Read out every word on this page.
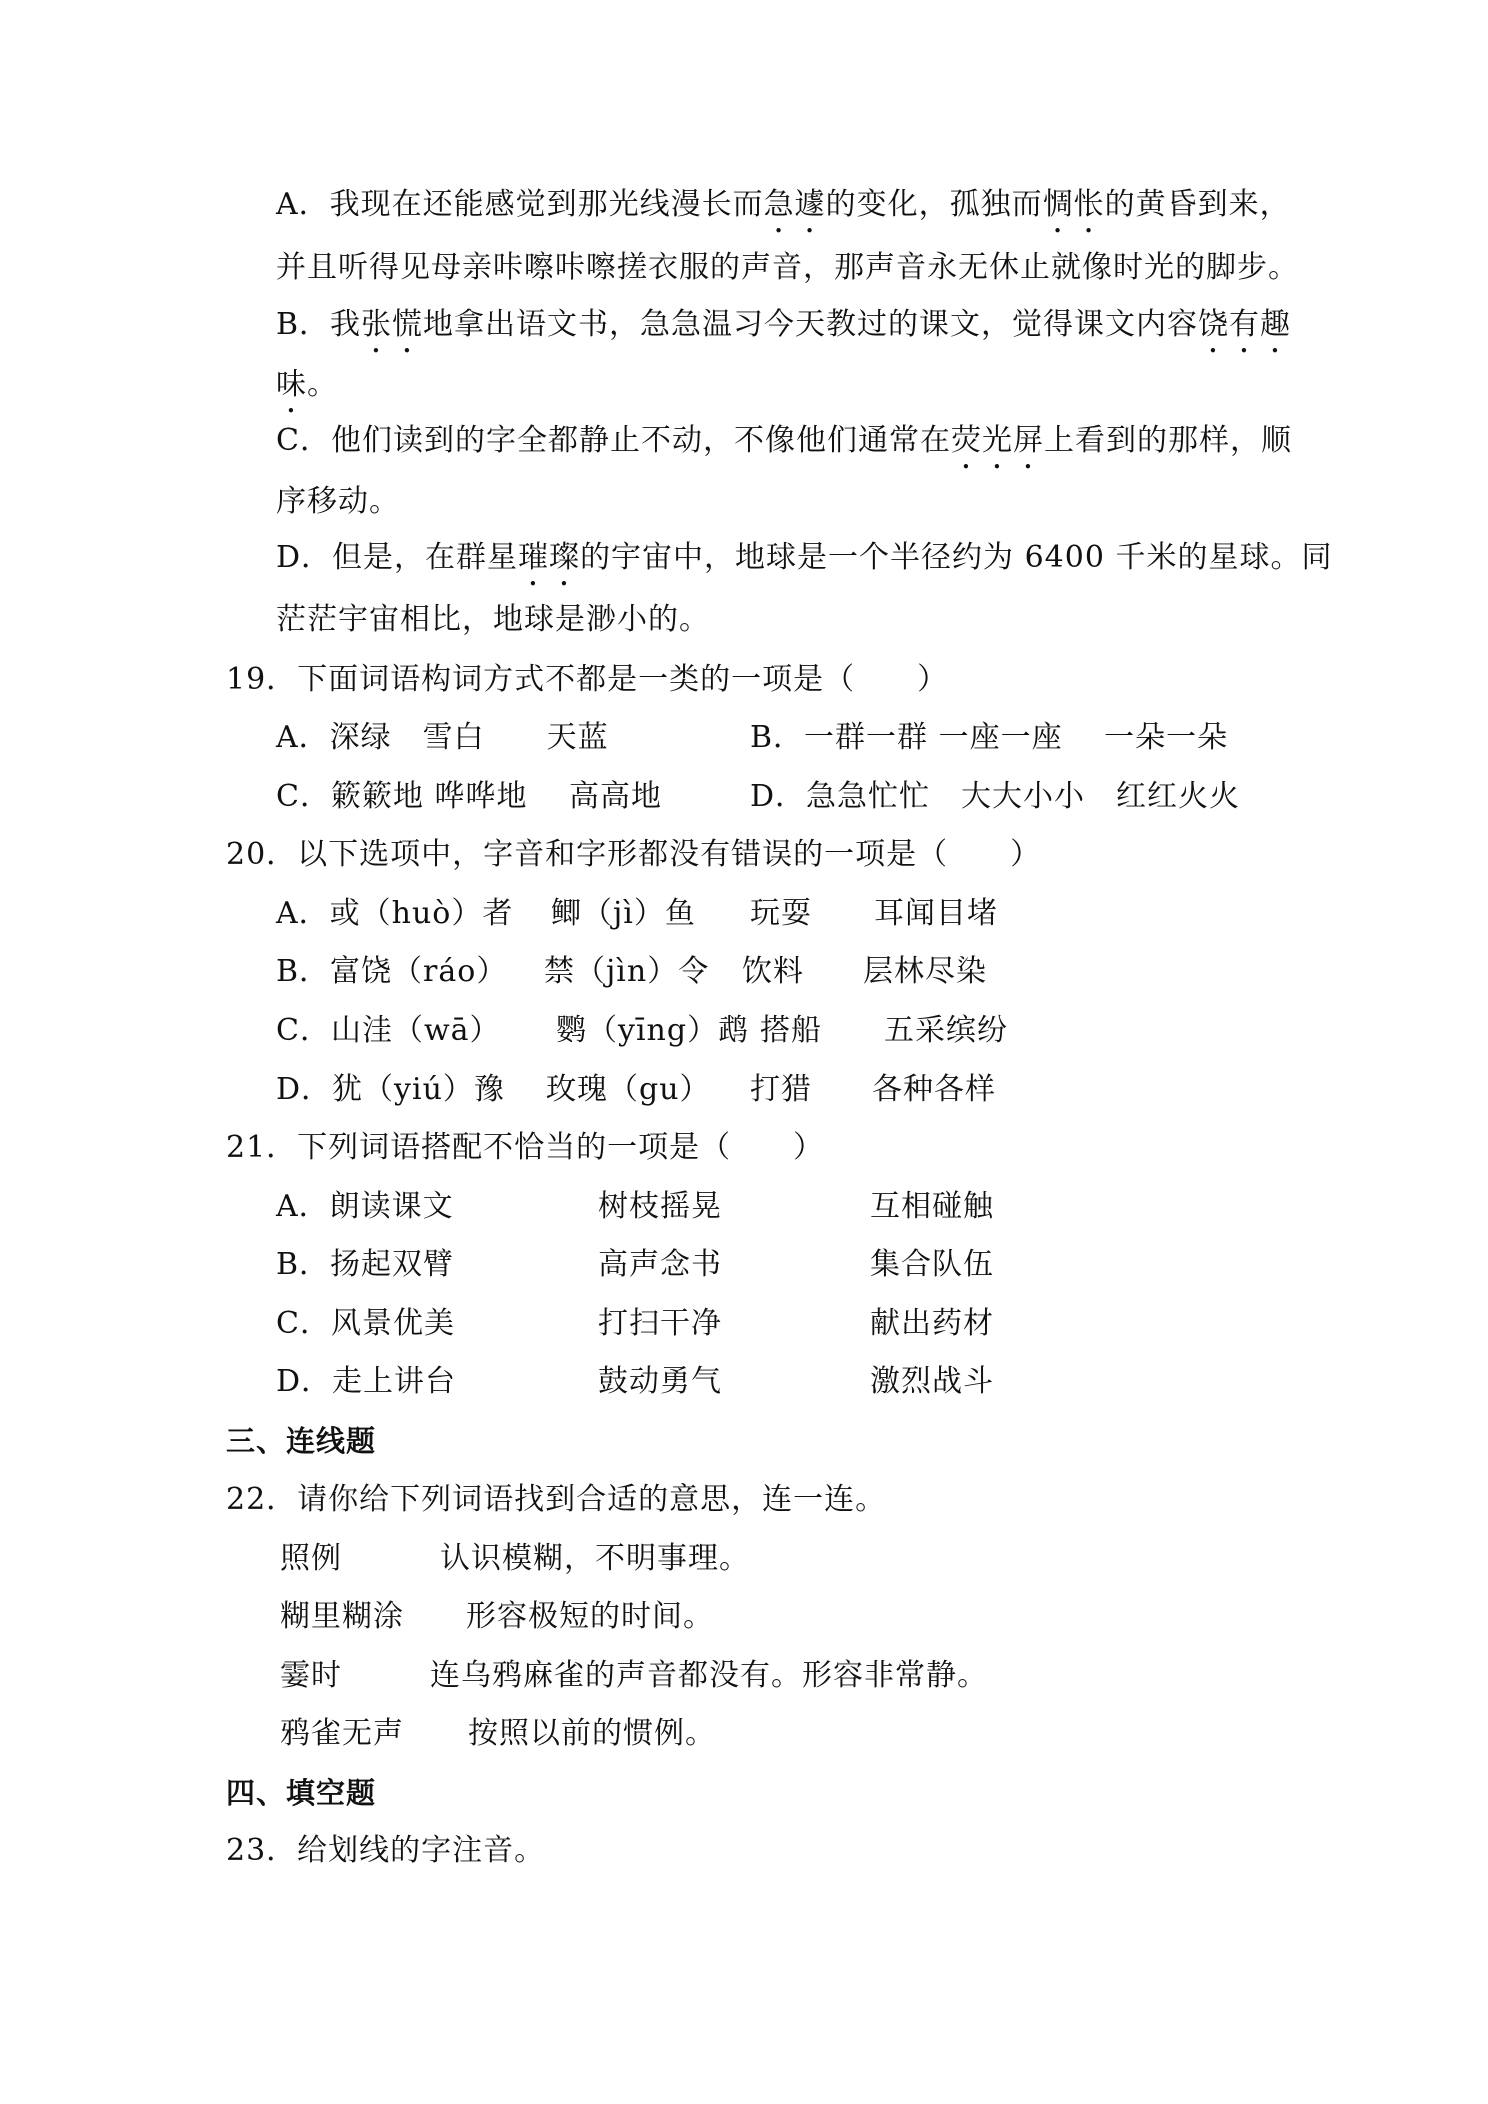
A．我现在还能感觉到那光线漫长而急遽的变化，孤独而惆怅的黄昏到来，
并且听得见母亲咔嚓咔嚓搓衣服的声音，那声音永无休止就像时光的脚步。
B．我张慌地拿出语文书，急急温习今天教过的课文，觉得课文内容饶有趣
味。
C．他们读到的字全都静止不动，不像他们通常在荧光屏上看到的那样，顺
序移动。
D．但是，在群星璀璨的宇宙中，地球是一个半径约为 6400 千米的星球。同
茫茫宇宙相比，地球是渺小的。
19．下面词语构词方式不都是一类的一项是（　　）
A．深绿　雪白　　天蓝	B．一群一群 一座一座　 一朵一朵
C．簌簌地 哗哗地　 高高地	D．急急忙忙　大大小小　红红火火
20．以下选项中，字音和字形都没有错误的一项是（　　）
A．或（huò）者 鲫（jì）鱼 玩耍 耳闻目堵
B．富饶（ráo） 禁（jìn）令 饮料 层林尽染
C．山洼（wā） 鹦（yīng）鹉 搭船 五采缤纷
D．犹（yiú）豫 玫瑰（gu） 打猎 各种各样
21．下列词语搭配不恰当的一项是（　　）
A．朗读课文	树枝摇晃	互相碰触
B．扬起双臂	高声念书	集合队伍
C．风景优美	打扫干净	献出药材
D．走上讲台	鼓动勇气	激烈战斗
三、连线题
22．请你给下列词语找到合适的意思，连一连。
照例	认识模糊，不明事理。
糊里糊涂 形容极短的时间。
霎时	连乌鸦麻雀的声音都没有。形容非常静。
鸦雀无声 按照以前的惯例。
四、填空题
23．给划线的字注音。
